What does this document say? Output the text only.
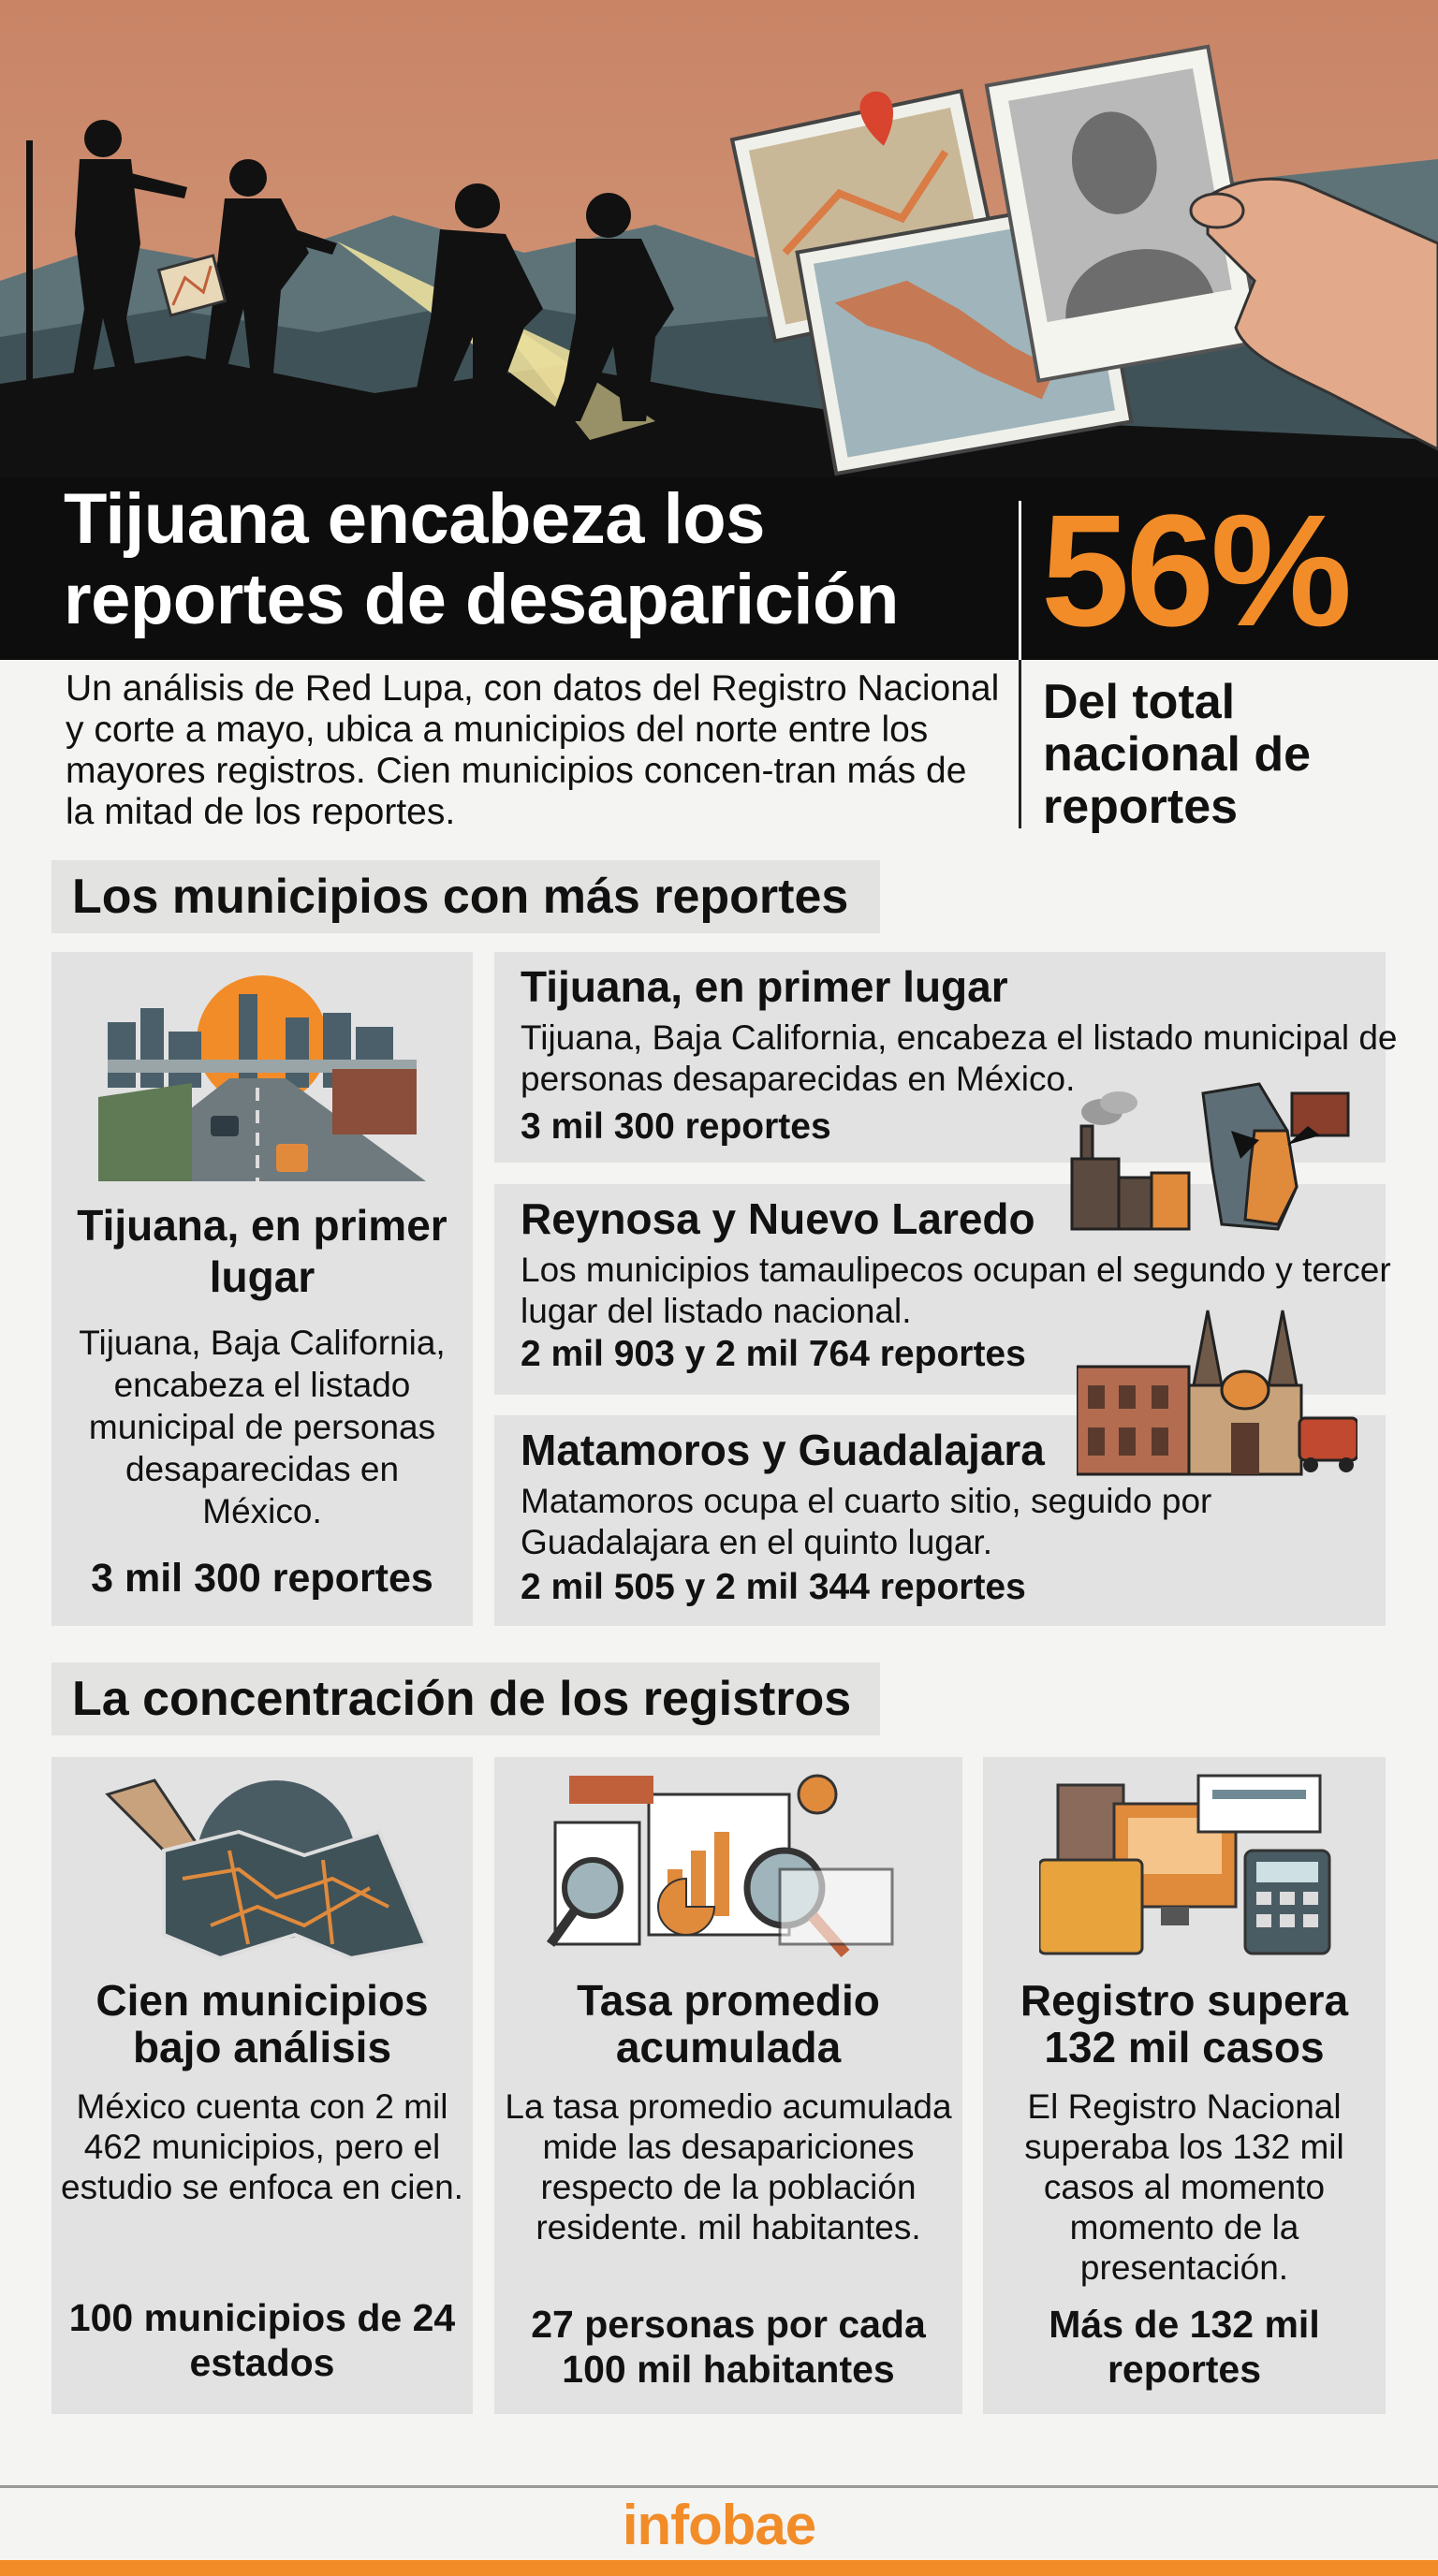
Tijuana encabeza los reportes de desaparición 56%
Del total nacional de reportes

Un análisis de Red Lupa, con datos del Registro Nacional y corte a mayo, ubica a municipios del norte entre los mayores registros. Cien municipios concen-tran más de la mitad de los reportes.

Los municipios con más reportes
Tijuana, en primer lugar
Tijuana, Baja California, encabeza el listado municipal de personas desaparecidas en México.
3 mil 300 reportes
Tijuana, en primer lugar
Tijuana, Baja California, encabeza el listado municipal de personas desaparecidas en México.
3 mil 300 reportes
Reynosa y Nuevo Laredo
Los municipios tamaulipecos ocupan el segundo y tercer lugar del listado nacional.
2 mil 903 y 2 mil 764 reportes
Matamoros y Guadalajara
Matamoros ocupa el cuarto sitio, seguido por Guadalajara en el quinto lugar.
2 mil 505 y 2 mil 344 reportes
La concentración de los registros
Cien municipios bajo análisis
México cuenta con 2 mil 462 municipios, pero el estudio se enfoca en cien.
100 municipios de 24 estados
Tasa promedio acumulada
La tasa promedio acumulada mide las desapariciones respecto de la población residente. mil habitantes.
27 personas por cada 100 mil habitantes
Registro supera 132 mil casos
El Registro Nacional superaba los 132 mil casos al momento momento de la presentación.
Más de 132 mil reportes
infobae
